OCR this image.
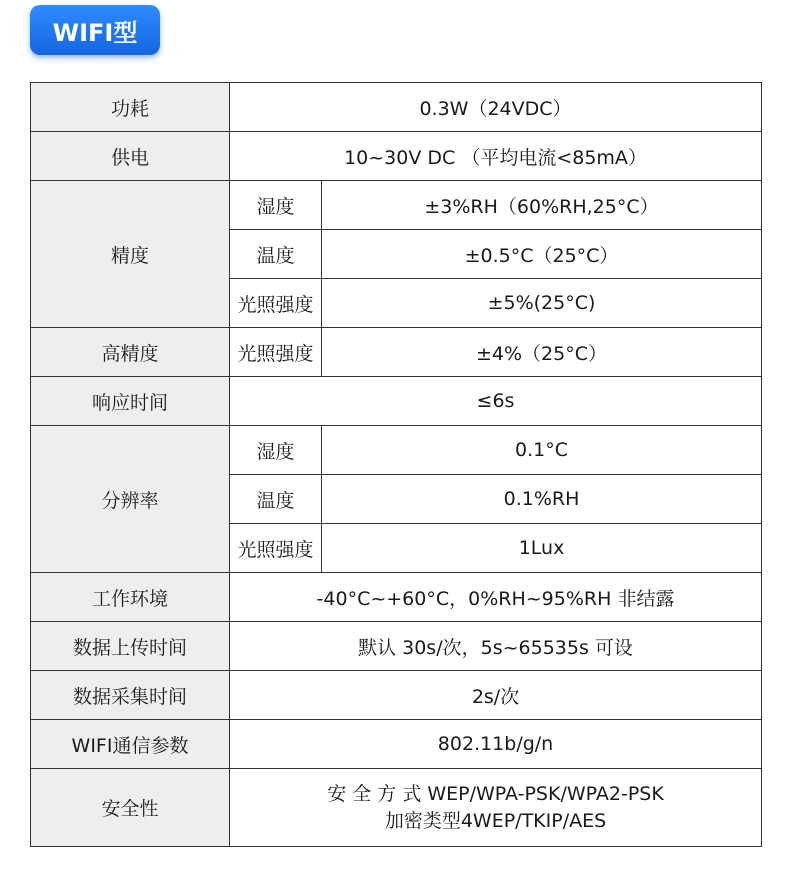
WIFI型
功耗	0.3W（24VDC）	
供电	10~30V DC （平均电流<85mA）	
精度	湿度	±3%RH（60%RH,25°C）
	温度	±0.5°C（25°C）
	光照强度	±5%(25°C)
高精度	光照强度	±4%（25°C）
响应时间	≤6s	
分辨率	湿度	0.1°C
	温度	0.1%RH
	光照强度	1Lux
工作环境	-40°C~+60°C，0%RH~95%RH 非结露	
数据上传时间	默认 30s/次，5s~65535s 可设	
数据采集时间	2s/次	
WIFI通信参数	802.11b/g/n	
安全性	安 全 方 式 WEP/WPA-PSK/WPA2-PSK
加密类型4WEP/TKIP/AES	
